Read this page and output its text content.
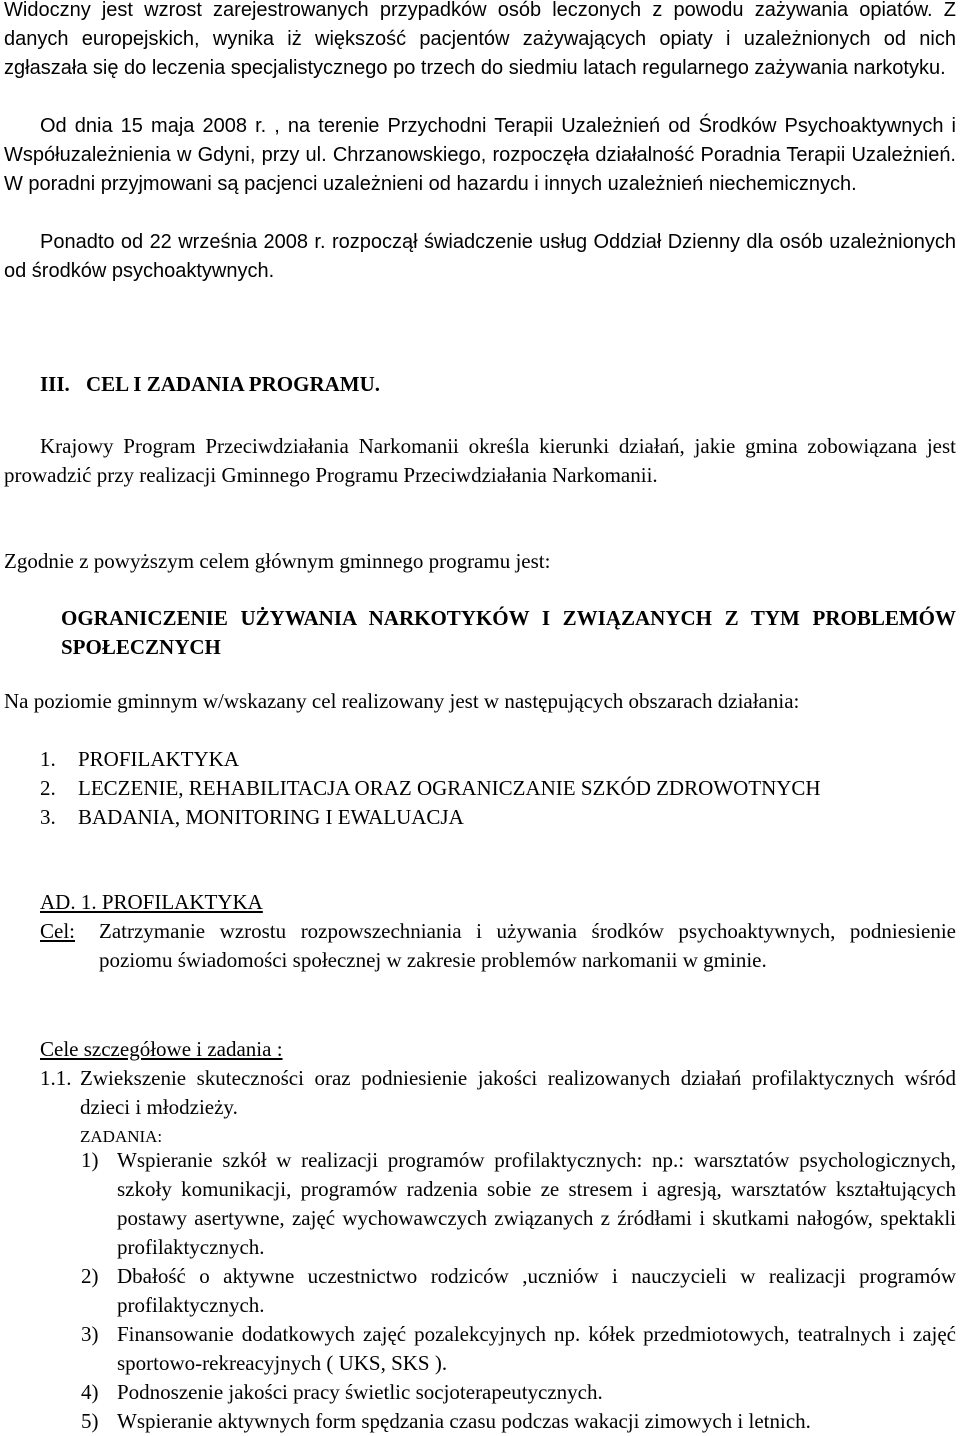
Widoczny jest wzrost zarejestrowanych przypadków osób leczonych z powodu zażywania opiatów. Z danych europejskich, wynika iż większość pacjentów zażywających opiaty i uzależnionych od nich zgłaszała się do leczenia specjalistycznego po trzech do siedmiu latach regularnego zażywania narkotyku.

Od dnia 15 maja 2008 r. , na terenie Przychodni Terapii Uzależnień od Środków Psychoaktywnych i Współuzależnienia w Gdyni, przy ul. Chrzanowskiego, rozpoczęła działalność Poradnia Terapii Uzależnień. W poradni przyjmowani są pacjenci uzależnieni od hazardu i innych uzależnień niechemicznych.

Ponadto od 22 września 2008 r. rozpoczął świadczenie usług Oddział Dzienny dla osób uzależnionych od środków psychoaktywnych.

III. CEL I ZADANIA PROGRAMU.

Krajowy Program Przeciwdziałania Narkomanii określa kierunki działań, jakie gmina zobowiązana jest prowadzić przy realizacji Gminnego Programu Przeciwdziałania Narkomanii.

Zgodnie z powyższym celem głównym gminnego programu jest:

OGRANICZENIE UŻYWANIA NARKOTYKÓW I ZWIĄZANYCH Z TYM PROBLEMÓW SPOŁECZNYCH

Na poziomie gminnym w/wskazany cel realizowany jest w następujących obszarach działania:

1. PROFILAKTYKA
2. LECZENIE, REHABILITACJA ORAZ OGRANICZANIE SZKÓD ZDROWOTNYCH
3. BADANIA, MONITORING I EWALUACJA

AD. 1. PROFILAKTYKA

Cel: Zatrzymanie wzrostu rozpowszechniania i używania środków psychoaktywnych, podniesienie poziomu świadomości społecznej w zakresie problemów narkomanii w gminie.

Cele szczegółowe i zadania :

1.1. Zwiekszenie skuteczności oraz podniesienie jakości realizowanych działań profilaktycznych wśród dzieci i młodzieży.

ZADANIA:

1) Wspieranie szkół w realizacji programów profilaktycznych: np.: warsztatów psychologicznych, szkoły komunikacji, programów radzenia sobie ze stresem i agresją, warsztatów kształtujących postawy asertywne, zajęć wychowawczych związanych z źródłami i skutkami nałogów, spektakli profilaktycznych.
2) Dbałość o aktywne uczestnictwo rodziców ,uczniów i nauczycieli w realizacji programów profilaktycznych.
3) Finansowanie dodatkowych zajęć pozalekcyjnych np. kółek przedmiotowych, teatralnych i zajęć sportowo-rekreacyjnych ( UKS, SKS ).
4) Podnoszenie jakości pracy świetlic socjoterapeutycznych.
5) Wspieranie aktywnych form spędzania czasu podczas wakacji zimowych i letnich.
